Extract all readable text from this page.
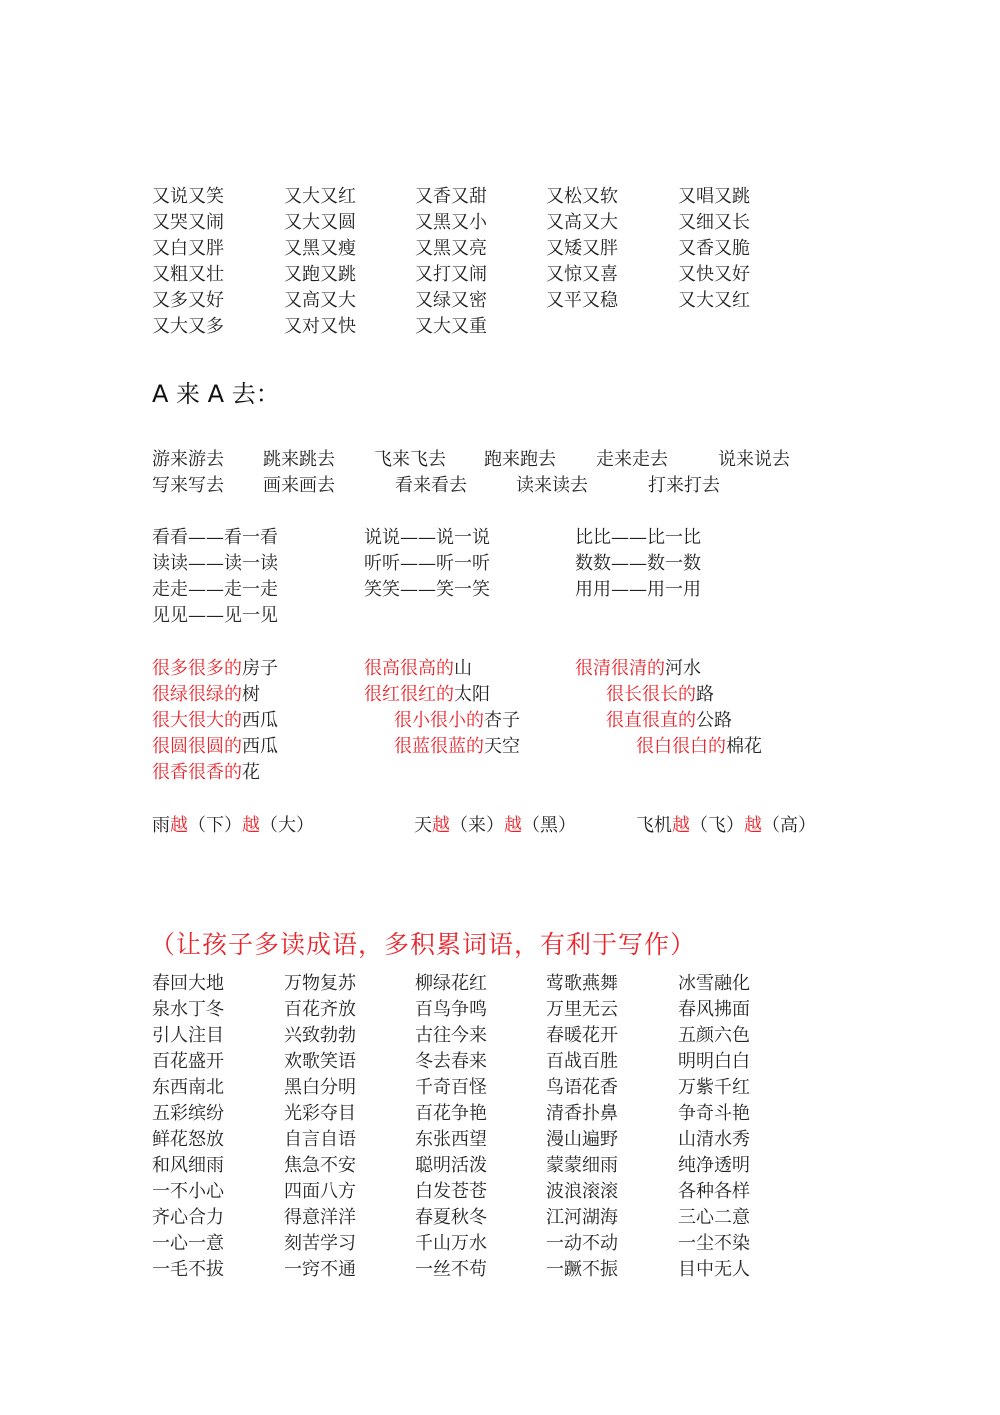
又说又笑	又大又红	又香又甜	又松又软	又唱又跳
又哭又闹	又大又圆	又黑又小	又高又大	又细又长
又白又胖	又黑又瘦	又黑又亮	又矮又胖	又香又脆
又粗又壮	又跑又跳	又打又闹	又惊又喜	又快又好
又多又好	又高又大	又绿又密	又平又稳	又大又红
又大又多	又对又快	又大又重
A 来 A 去：
游来游去 跳来跳去 飞来飞去 跑来跑去 走来走去	说来说去
写来写去 画来画去	看来看去	读来读去	打来打去
看看——看一看	说说——说一说	比比——比一比
读读——读一读	听听——听一听	数数——数一数
走走——走一走	笑笑——笑一笑	用用——用一用
见见——见一见
很多很多的房子	很高很高的山	很清很清的河水
很绿很绿的树	很红很红的太阳	很长很长的路
很大很大的西瓜	很小很小的杏子	很直很直的公路
很圆很圆的西瓜	很蓝很蓝的天空	很白很白的棉花
很香很香的花
雨越（下）越（大）	天越（来）越（黑）	飞机越（飞）越（高）
（让孩子多读成语，多积累词语，有利于写作）
春回大地	万物复苏	柳绿花红	莺歌燕舞	冰雪融化
泉水丁冬	百花齐放	百鸟争鸣	万里无云	春风拂面
引人注目	兴致勃勃	古往今来	春暖花开	五颜六色
百花盛开	欢歌笑语	冬去春来	百战百胜	明明白白
东西南北	黑白分明	千奇百怪	鸟语花香	万紫千红
五彩缤纷	光彩夺目	百花争艳	清香扑鼻	争奇斗艳
鲜花怒放	自言自语	东张西望	漫山遍野	山清水秀
和风细雨	焦急不安	聪明活泼	蒙蒙细雨	纯净透明
一不小心	四面八方	白发苍苍	波浪滚滚	各种各样
齐心合力	得意洋洋	春夏秋冬	江河湖海	三心二意
一心一意	刻苦学习	千山万水	一动不动	一尘不染
一毛不拔	一窍不通	一丝不苟	一蹶不振	目中无人
